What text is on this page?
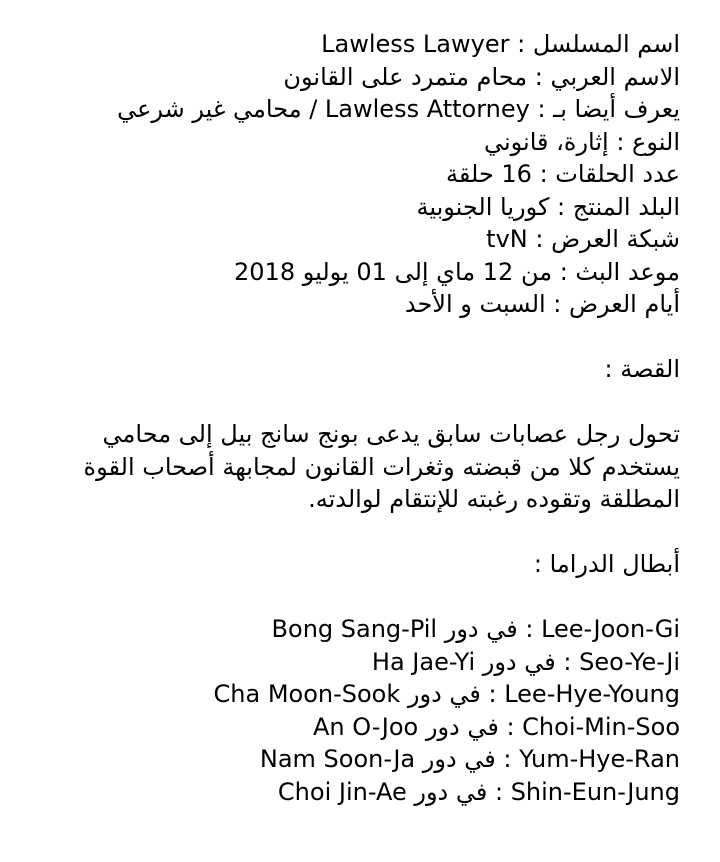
اسم المسلسل : Lawless Lawyer

الاسم العربي : محام متمرد على القانون

يعرف أيضا بـ : Lawless Attorney / محامي غير شرعي

النوع : إثارة، قانوني

عدد الحلقات : 16 حلقة

البلد المنتج : كوريا الجنوبية

شبكة العرض : tvN

موعد البث : من 12 ماي إلى 01 يوليو 2018

أيام العرض : السبت و الأحد

القصة :

تحول رجل عصابات سابق يدعى بونج سانج بيل إلى محامي يستخدم كلا من قبضته وثغرات القانون لمجابهة أصحاب القوة المطلقة وتقوده رغبته للإنتقام لوالدته.

أبطال الدراما :

Lee-Joon-Gi : في دور Bong Sang-Pil

Seo-Ye-Ji : في دور Ha Jae-Yi

Lee-Hye-Young : في دور Cha Moon-Sook

Choi-Min-Soo : في دور An O-Joo

Yum-Hye-Ran : في دور Nam Soon-Ja

Shin-Eun-Jung : في دور Choi Jin-Ae
